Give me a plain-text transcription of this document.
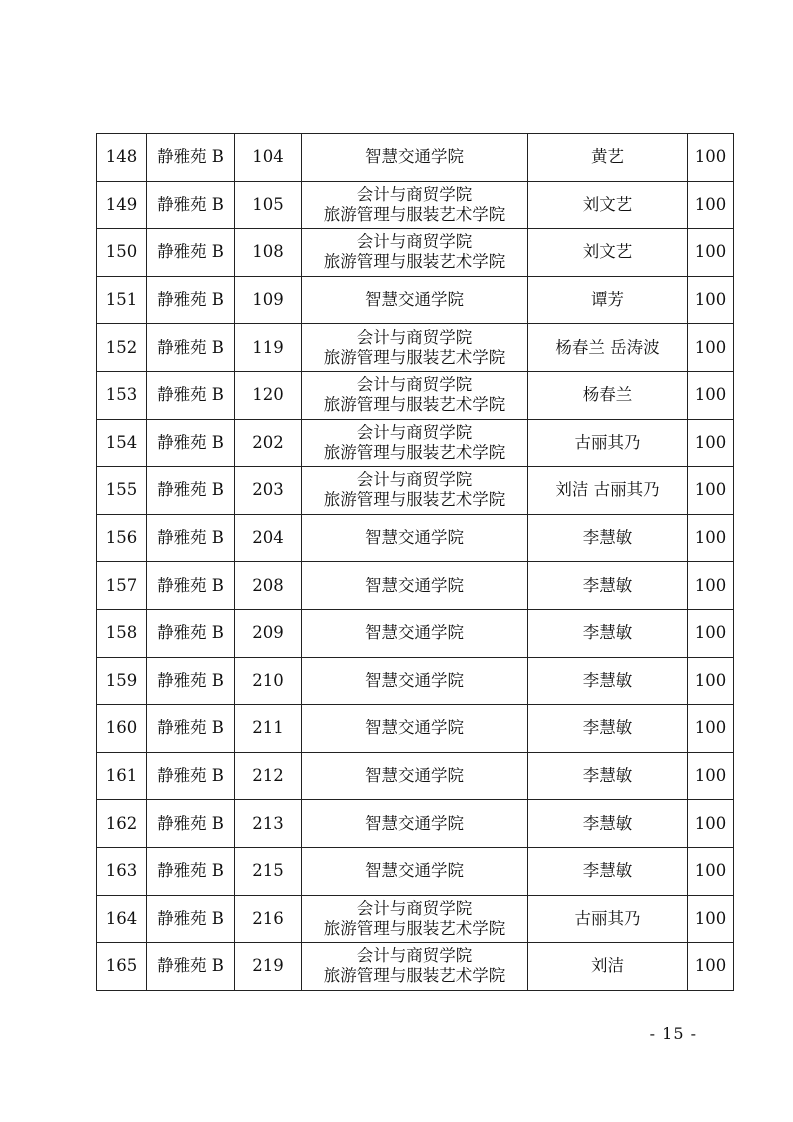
148	静雅苑 B	104	智慧交通学院	黄艺	100
149	静雅苑 B	105	会计与商贸学院
旅游管理与服装艺术学院	刘文艺	100
150	静雅苑 B	108	会计与商贸学院
旅游管理与服装艺术学院	刘文艺	100
151	静雅苑 B	109	智慧交通学院	谭芳	100
152	静雅苑 B	119	会计与商贸学院
旅游管理与服装艺术学院	杨春兰 岳涛波	100
153	静雅苑 B	120	会计与商贸学院
旅游管理与服装艺术学院	杨春兰	100
154	静雅苑 B	202	会计与商贸学院
旅游管理与服装艺术学院	古丽其乃	100
155	静雅苑 B	203	会计与商贸学院
旅游管理与服装艺术学院	刘洁 古丽其乃	100
156	静雅苑 B	204	智慧交通学院	李慧敏	100
157	静雅苑 B	208	智慧交通学院	李慧敏	100
158	静雅苑 B	209	智慧交通学院	李慧敏	100
159	静雅苑 B	210	智慧交通学院	李慧敏	100
160	静雅苑 B	211	智慧交通学院	李慧敏	100
161	静雅苑 B	212	智慧交通学院	李慧敏	100
162	静雅苑 B	213	智慧交通学院	李慧敏	100
163	静雅苑 B	215	智慧交通学院	李慧敏	100
164	静雅苑 B	216	会计与商贸学院
旅游管理与服装艺术学院	古丽其乃	100
165	静雅苑 B	219	会计与商贸学院
旅游管理与服装艺术学院	刘洁	100
- 15 -
